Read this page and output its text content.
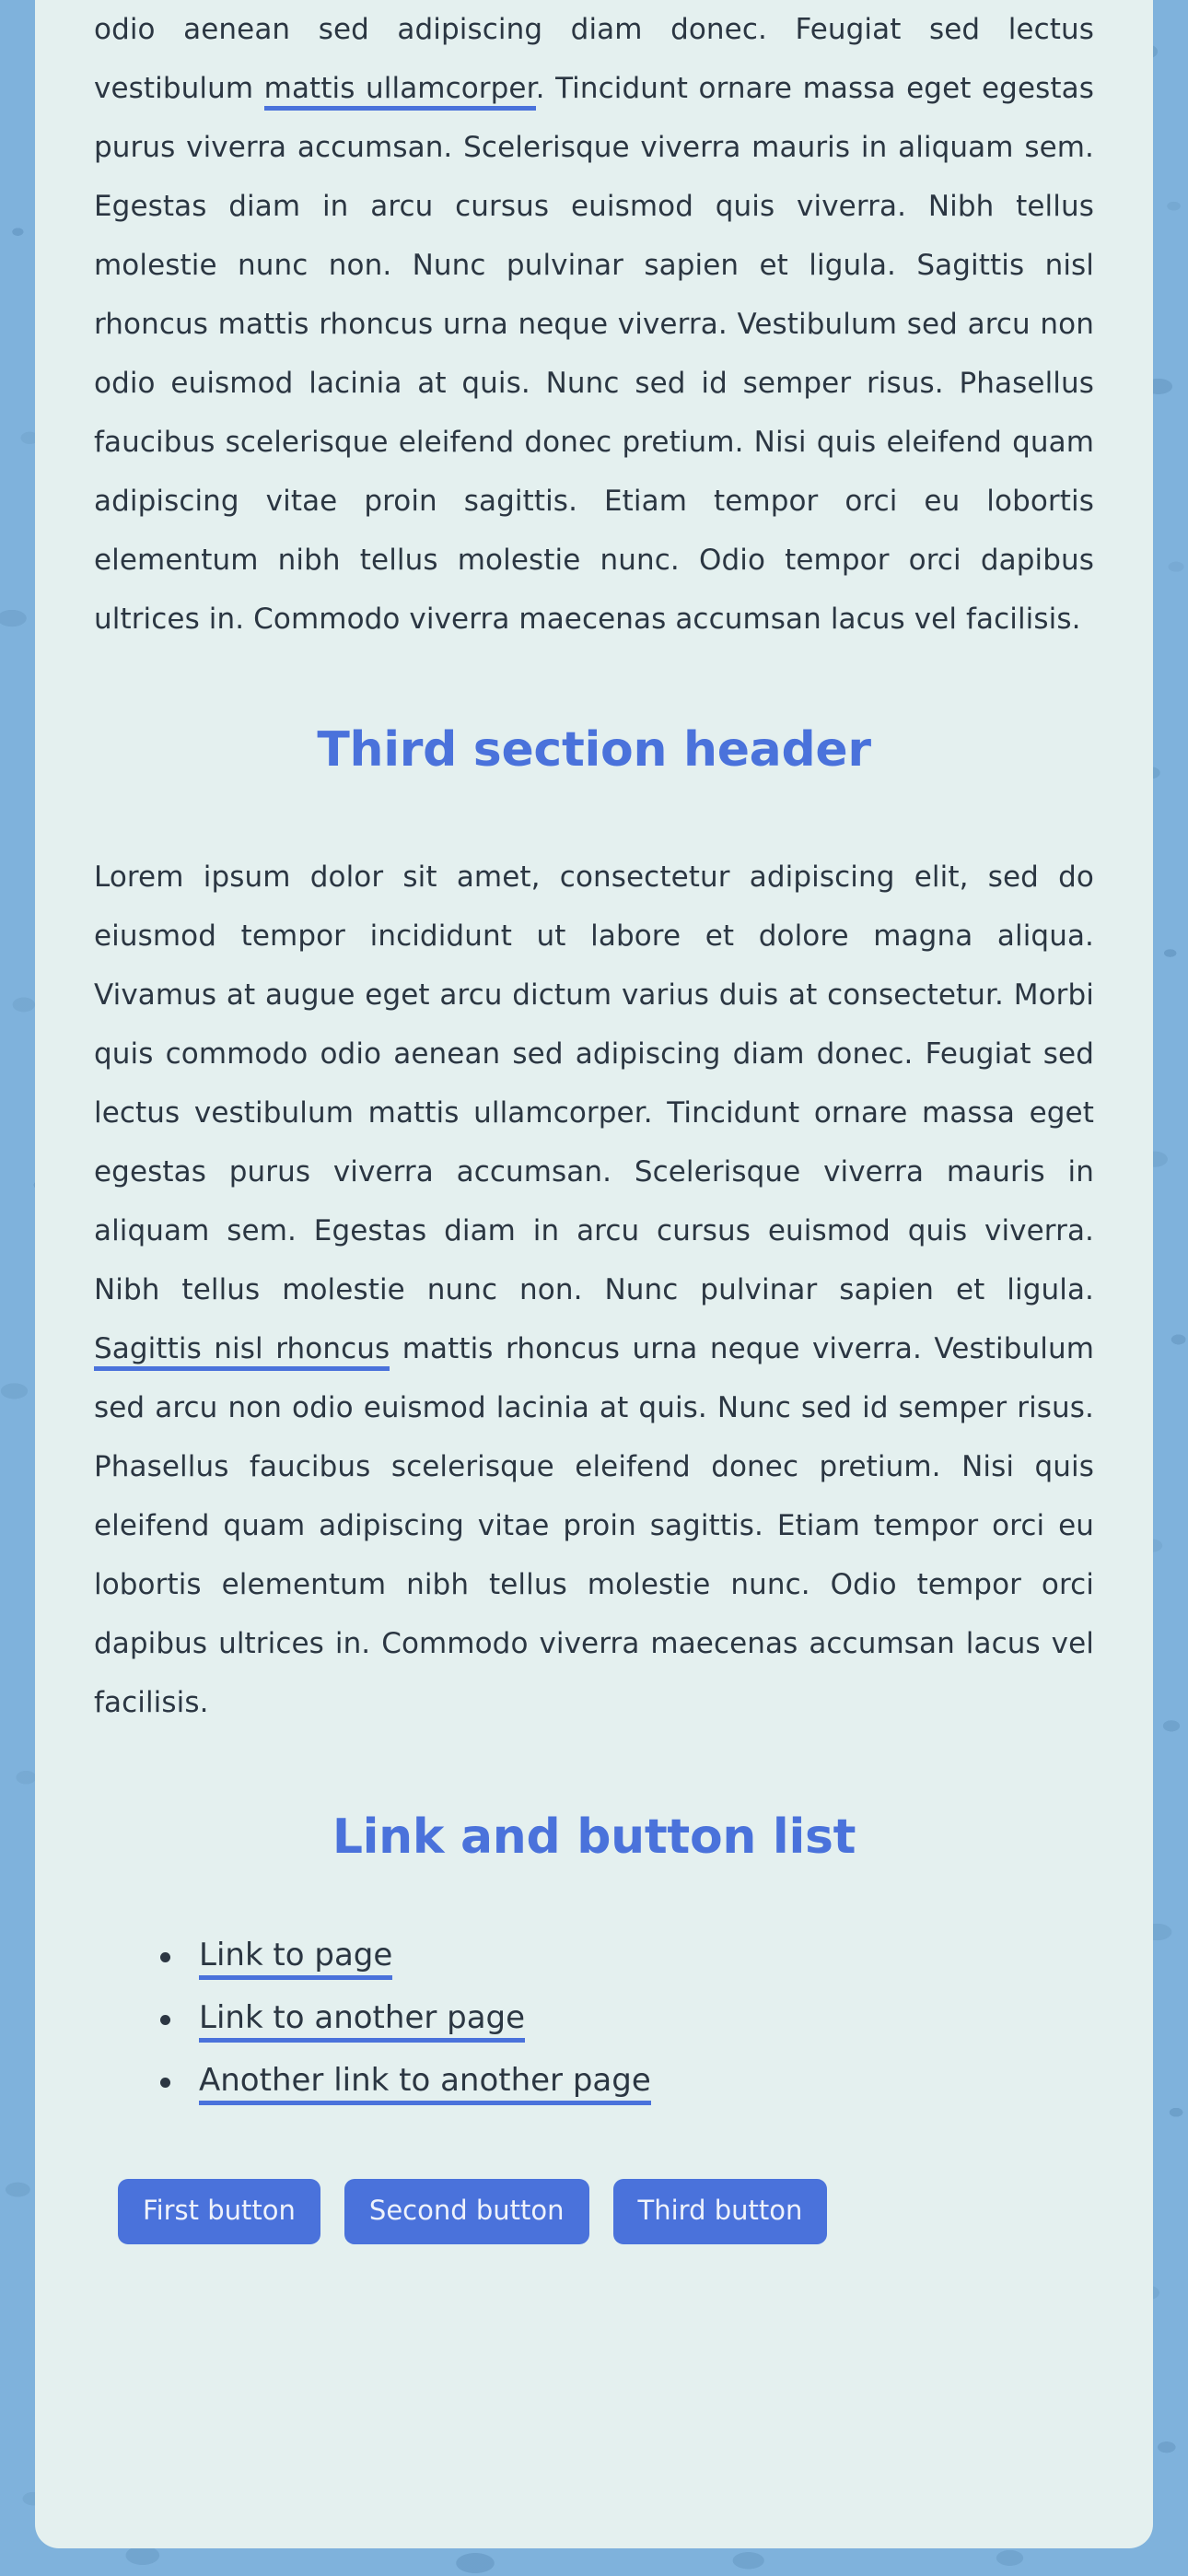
odio aenean sed adipiscing diam donec. Feugiat sed lectus vestibulum mattis ullamcorper. Tincidunt ornare massa eget egestas purus viverra accumsan. Scelerisque viverra mauris in aliquam sem. Egestas diam in arcu cursus euismod quis viverra. Nibh tellus molestie nunc non. Nunc pulvinar sapien et ligula. Sagittis nisl rhoncus mattis rhoncus urna neque viverra. Vestibulum sed arcu non odio euismod lacinia at quis. Nunc sed id semper risus. Phasellus faucibus scelerisque eleifend donec pretium. Nisi quis eleifend quam adipiscing vitae proin sagittis. Etiam tempor orci eu lobortis elementum nibh tellus molestie nunc. Odio tempor orci dapibus ultrices in. Commodo viverra maecenas accumsan lacus vel facilisis.

Third section header

Lorem ipsum dolor sit amet, consectetur adipiscing elit, sed do eiusmod tempor incididunt ut labore et dolore magna aliqua. Vivamus at augue eget arcu dictum varius duis at consectetur. Morbi quis commodo odio aenean sed adipiscing diam donec. Feugiat sed lectus vestibulum mattis ullamcorper. Tincidunt ornare massa eget egestas purus viverra accumsan. Scelerisque viverra mauris in aliquam sem. Egestas diam in arcu cursus euismod quis viverra. Nibh tellus molestie nunc non. Nunc pulvinar sapien et ligula. Sagittis nisl rhoncus mattis rhoncus urna neque viverra. Vestibulum sed arcu non odio euismod lacinia at quis. Nunc sed id semper risus. Phasellus faucibus scelerisque eleifend donec pretium. Nisi quis eleifend quam adipiscing vitae proin sagittis. Etiam tempor orci eu lobortis elementum nibh tellus molestie nunc. Odio tempor orci dapibus ultrices in. Commodo viverra maecenas accumsan lacus vel facilisis.

Link and button list
Link to page
Link to another page
Another link to another page
First button	Second button	Third button
